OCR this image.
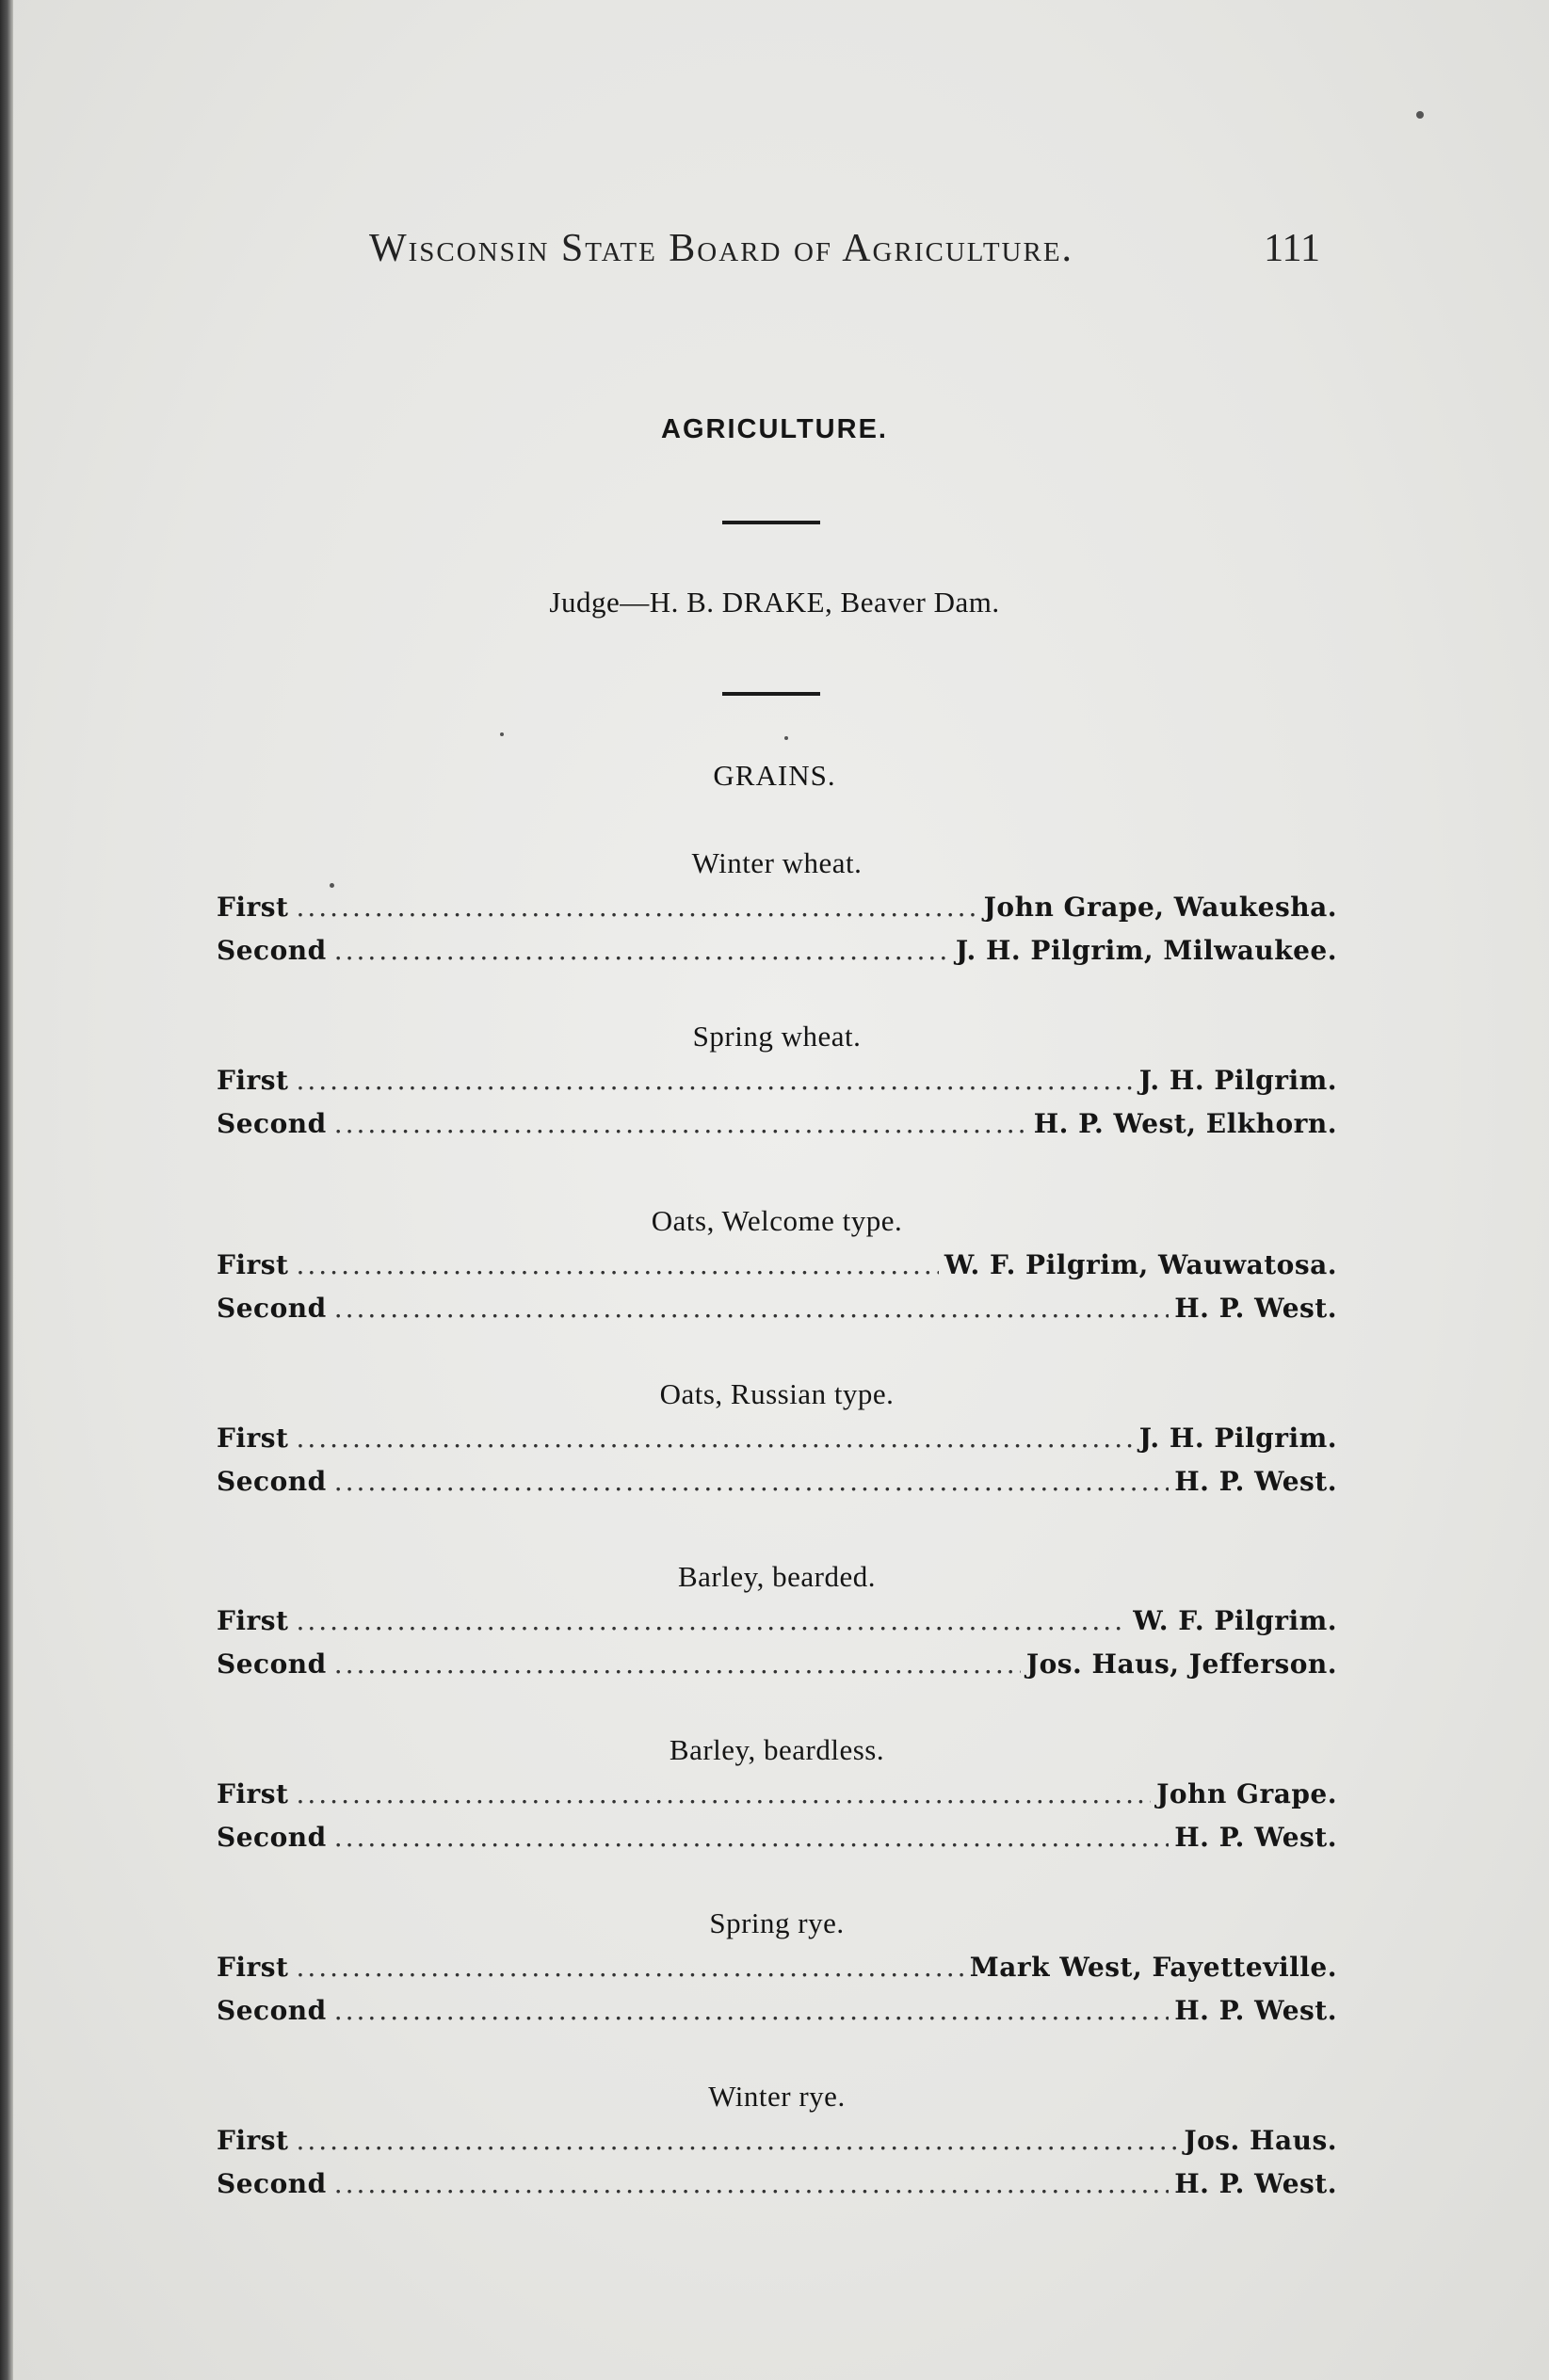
Wisconsin State Board of Agriculture.	111
AGRICULTURE.
Judge—H. B. DRAKE, Beaver Dam.
GRAINS.
Winter wheat.
First .....	John Grape, Waukesha.
Second .....	J. H. Pilgrim, Milwaukee.
Spring wheat.
First .....	J. H. Pilgrim.
Second .....	H. P. West, Elkhorn.
Oats, Welcome type.
First .....	W. F. Pilgrim, Wauwatosa.
Second .....	H. P. West.
Oats, Russian type.
First .....	J. H. Pilgrim.
Second .....	H. P. West.
Barley, bearded.
First .....	W. F. Pilgrim.
Second .....	Jos. Haus, Jefferson.
Barley, beardless.
First .....	John Grape.
Second .....	H. P. West.
Spring rye.
First .....	Mark West, Fayetteville.
Second .....	H. P. West.
Winter rye.
First .....	Jos. Haus.
Second .....	H. P. West.
